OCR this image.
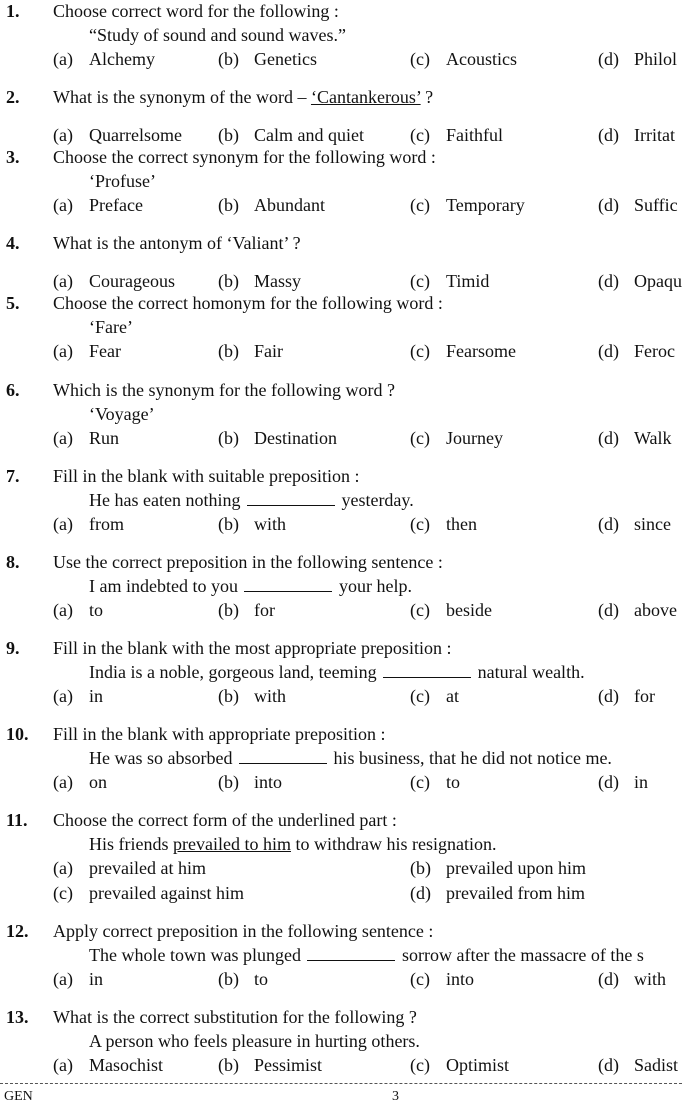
1. Choose correct word for the following :
“Study of sound and sound waves.”
(a) Alchemy	(b) Genetics	(c) Acoustics	(d) Philol
2. What is the synonym of the word – ‘Cantankerous’ ?
(a) Quarrelsome (b) Calm and quiet	(c) Faithful	(d) Irritat
3. Choose the correct synonym for the following word :
‘Profuse’
(a) Preface	(b) Abundant	(c) Temporary	(d) Suffic
4. What is the antonym of ‘Valiant’ ?
(a) Courageous (b) Massy	(c) Timid	(d) Opaqu
5. Choose the correct homonym for the following word :
‘Fare’
(a) Fear	(b) Fair	(c) Fearsome	(d) Feroc
6. Which is the synonym for the following word ?
‘Voyage’
(a) Run	(b) Destination	(c) Journey	(d) Walk
7. Fill in the blank with suitable preposition :
He has eaten nothing	yesterday.
(a) from	(b) with	(c) then	(d) since
8. Use the correct preposition in the following sentence :
I am indebted to you	your help.
(a) to	(b) for	(c) beside	(d) above
9. Fill in the blank with the most appropriate preposition :
India is a noble, gorgeous land, teeming	natural wealth.
(a) in	(b) with	(c) at	(d) for
10. Fill in the blank with appropriate preposition :
He was so absorbed	his business, that he did not notice me.
(a) on	(b) into	(c) to	(d) in
11. Choose the correct form of the underlined part :
His friends prevailed to him to withdraw his resignation.
(a) prevailed at him	(b) prevailed upon him
(c) prevailed against him	(d) prevailed from him
12. Apply correct preposition in the following sentence :
The whole town was plunged	sorrow after the massacre of the s
(a) in	(b) to	(c) into	(d) with
13. What is the correct substitution for the following ?
A person who feels pleasure in hurting others.
(a) Masochist	(b) Pessimist	(c) Optimist	(d) Sadist
GEN	3
